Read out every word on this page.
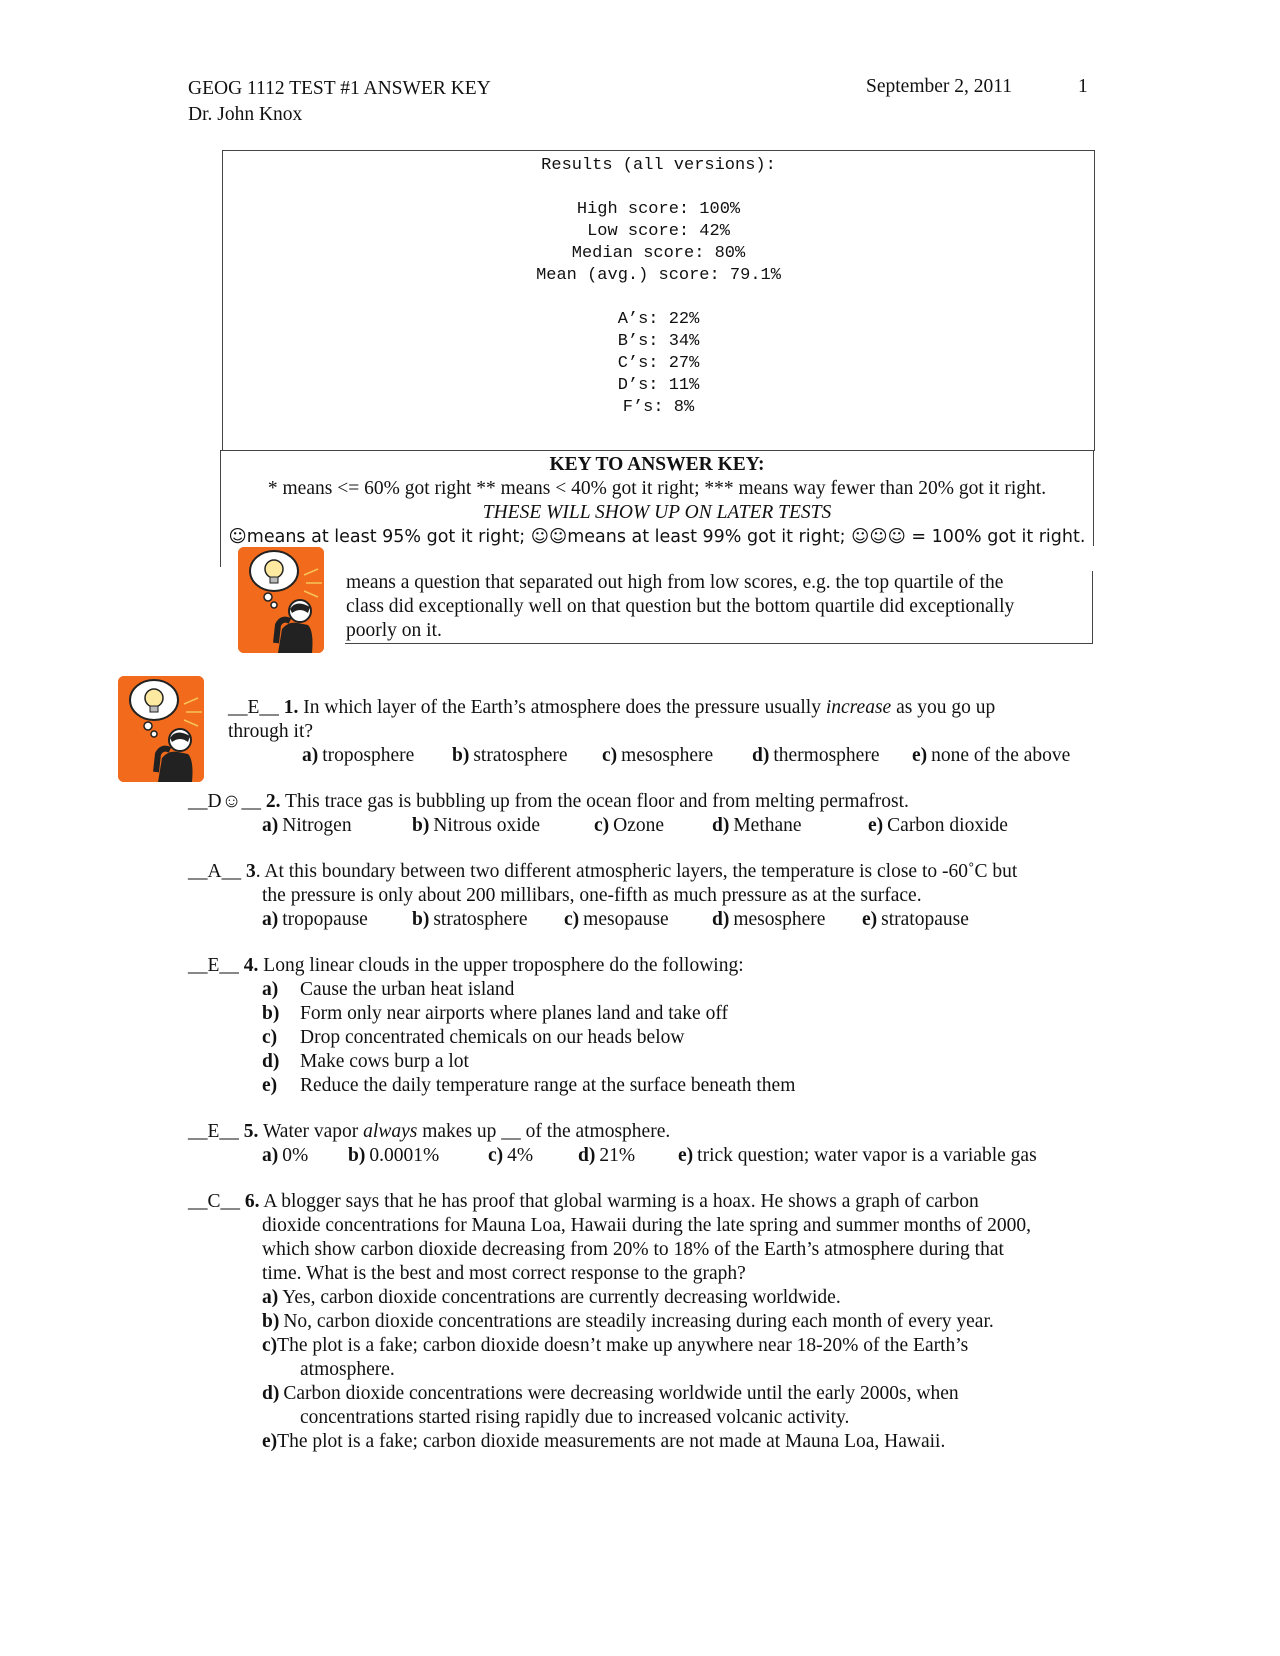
GEOG 1112 TEST #1 ANSWER KEY
Dr. John Knox
September 2, 2011	1
Results (all versions):
High score: 100%
Low score: 42%
Median score: 80%
Mean (avg.) score: 79.1%
A’s: 22%
B’s: 34%
C’s: 27%
D’s: 11%
F’s: 8%
KEY TO ANSWER KEY:
* means <= 60% got right ** means < 40% got it right; *** means way fewer than 20% got it right.
THESE WILL SHOW UP ON LATER TESTS
☺means at least 95% got it right; ☺☺means at least 99% got it right; ☺☺☺ = 100% got it right.
means a question that separated out high from low scores, e.g. the top quartile of the
class did exceptionally well on that question but the bottom quartile did exceptionally
poorly on it.
__E__ 1. In which layer of the Earth’s atmosphere does the pressure usually increase as you go up
through it?
a) troposphere b) stratosphere c) mesosphere d) thermosphere e) none of the above
__D☺__ 2. This trace gas is bubbling up from the ocean floor and from melting permafrost.
a) Nitrogen	b) Nitrous oxide	c) Ozone d) Methane	e) Carbon dioxide
__A__ 3. At this boundary between two different atmospheric layers, the temperature is close to -60˚C but
the pressure is only about 200 millibars, one-fifth as much pressure as at the surface.
a) tropopause b) stratosphere c) mesopause d) mesosphere e) stratopause
__E__ 4. Long linear clouds in the upper troposphere do the following:
a) Cause the urban heat island
b) Form only near airports where planes land and take off
c) Drop concentrated chemicals on our heads below
d) Make cows burp a lot
e) Reduce the daily temperature range at the surface beneath them
__E__ 5. Water vapor always makes up __ of the atmosphere.
a) 0% b) 0.0001%	c) 4% d) 21% e) trick question; water vapor is a variable gas
__C__ 6. A blogger says that he has proof that global warming is a hoax. He shows a graph of carbon
dioxide concentrations for Mauna Loa, Hawaii during the late spring and summer months of 2000,
which show carbon dioxide decreasing from 20% to 18% of the Earth’s atmosphere during that
time. What is the best and most correct response to the graph?
a) Yes, carbon dioxide concentrations are currently decreasing worldwide.
b) No, carbon dioxide concentrations are steadily increasing during each month of every year.
c)The plot is a fake; carbon dioxide doesn’t make up anywhere near 18-20% of the Earth’s
atmosphere.
d) Carbon dioxide concentrations were decreasing worldwide until the early 2000s, when
concentrations started rising rapidly due to increased volcanic activity.
e)The plot is a fake; carbon dioxide measurements are not made at Mauna Loa, Hawaii.
